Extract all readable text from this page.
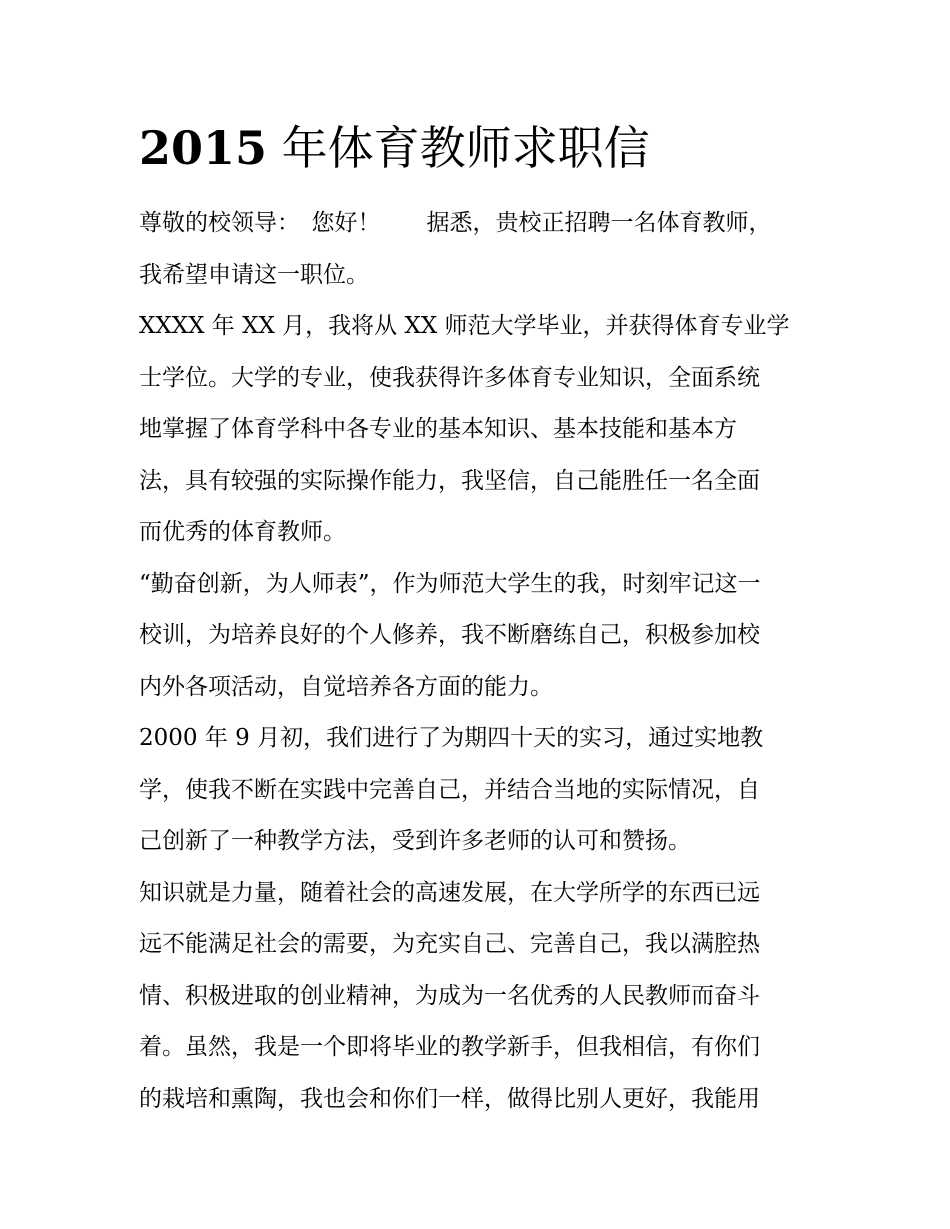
2015 年体育教师求职信
尊敬的校领导：　您好！　　据悉，贵校正招聘一名体育教师，
我希望申请这一职位。
XXXX 年 XX 月，我将从 XX 师范大学毕业，并获得体育专业学
士学位。大学的专业，使我获得许多体育专业知识，全面系统
地掌握了体育学科中各专业的基本知识、基本技能和基本方
法，具有较强的实际操作能力，我坚信，自己能胜任一名全面
而优秀的体育教师。
“勤奋创新，为人师表”，作为师范大学生的我，时刻牢记这一
校训，为培养良好的个人修养，我不断磨练自己，积极参加校
内外各项活动，自觉培养各方面的能力。
2000 年 9 月初，我们进行了为期四十天的实习，通过实地教
学，使我不断在实践中完善自己，并结合当地的实际情况，自
己创新了一种教学方法，受到许多老师的认可和赞扬。
知识就是力量，随着社会的高速发展，在大学所学的东西已远
远不能满足社会的需要，为充实自己、完善自己，我以满腔热
情、积极进取的创业精神，为成为一名优秀的人民教师而奋斗
着。虽然，我是一个即将毕业的教学新手，但我相信，有你们
的栽培和熏陶，我也会和你们一样，做得比别人更好，我能用
